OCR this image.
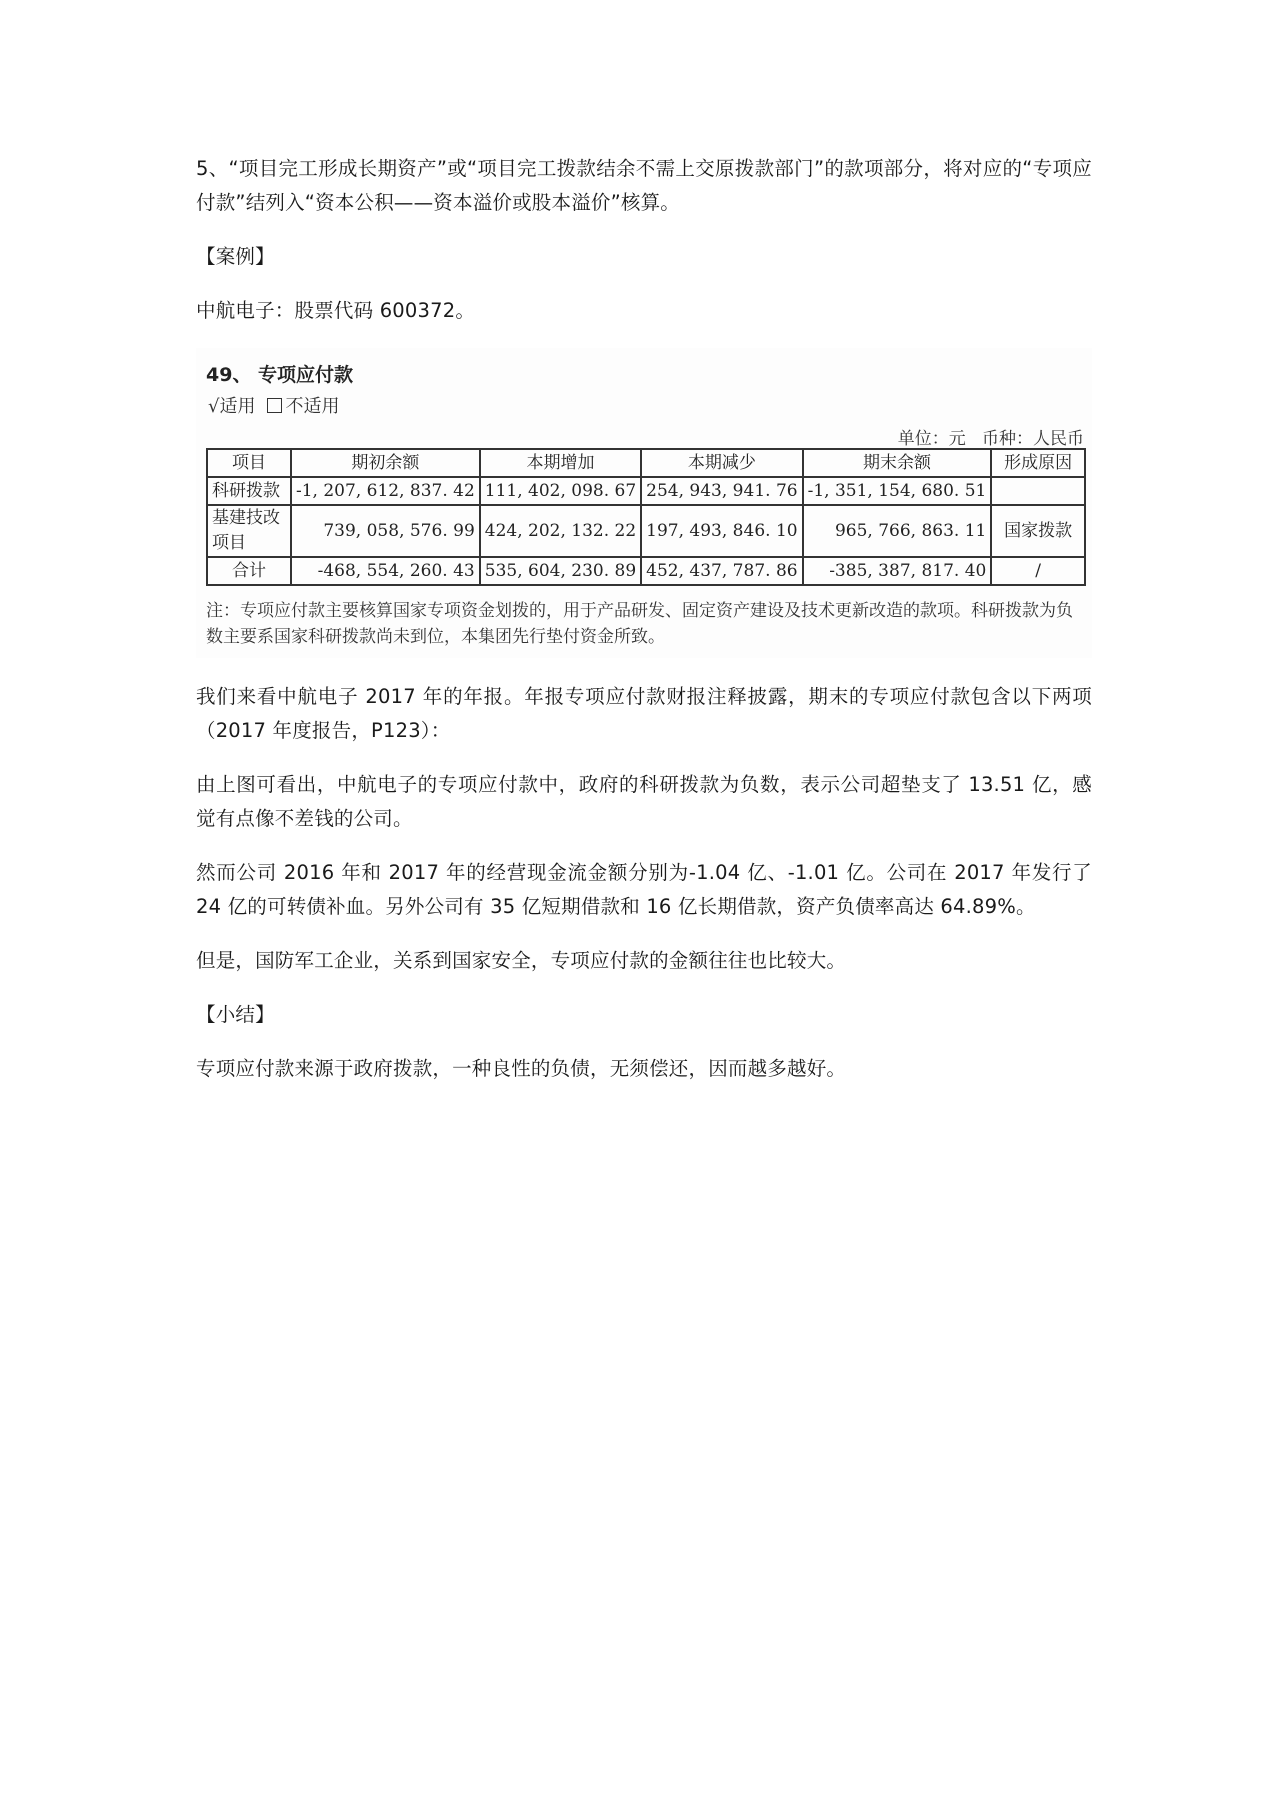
5、“项目完工形成长期资产”或“项目完工拨款结余不需上交原拨款部门”的款项部分，将对应的“专项应付款”结列入“资本公积——资本溢价或股本溢价”核算。

【案例】

中航电子：股票代码 600372。

49、 专项应付款
√适用 不适用
单位：元   币种：人民币
项目	期初余额	本期增加	本期减少	期末余额	形成原因
科研拨款	-1, 207, 612, 837. 42	111, 402, 098. 67	254, 943, 941. 76	-1, 351, 154, 680. 51	
基建技改项目	739, 058, 576. 99	424, 202, 132. 22	197, 493, 846. 10	965, 766, 863. 11	国家拨款
合计	-468, 554, 260. 43	535, 604, 230. 89	452, 437, 787. 86	-385, 387, 817. 40	/
注：专项应付款主要核算国家专项资金划拨的，用于产品研发、固定资产建设及技术更新改造的款项。科研拨款为负数主要系国家科研拨款尚未到位，本集团先行垫付资金所致。

我们来看中航电子 2017 年的年报。年报专项应付款财报注释披露，期末的专项应付款包含以下两项（2017 年度报告，P123）：

由上图可看出，中航电子的专项应付款中，政府的科研拨款为负数，表示公司超垫支了 13.51 亿，感觉有点像不差钱的公司。

然而公司 2016 年和 2017 年的经营现金流金额分别为-1.04 亿、-1.01 亿。公司在 2017 年发行了 24 亿的可转债补血。另外公司有 35 亿短期借款和 16 亿长期借款，资产负债率高达 64.89%。

但是，国防军工企业，关系到国家安全，专项应付款的金额往往也比较大。

【小结】

专项应付款来源于政府拨款，一种良性的负债，无须偿还，因而越多越好。
